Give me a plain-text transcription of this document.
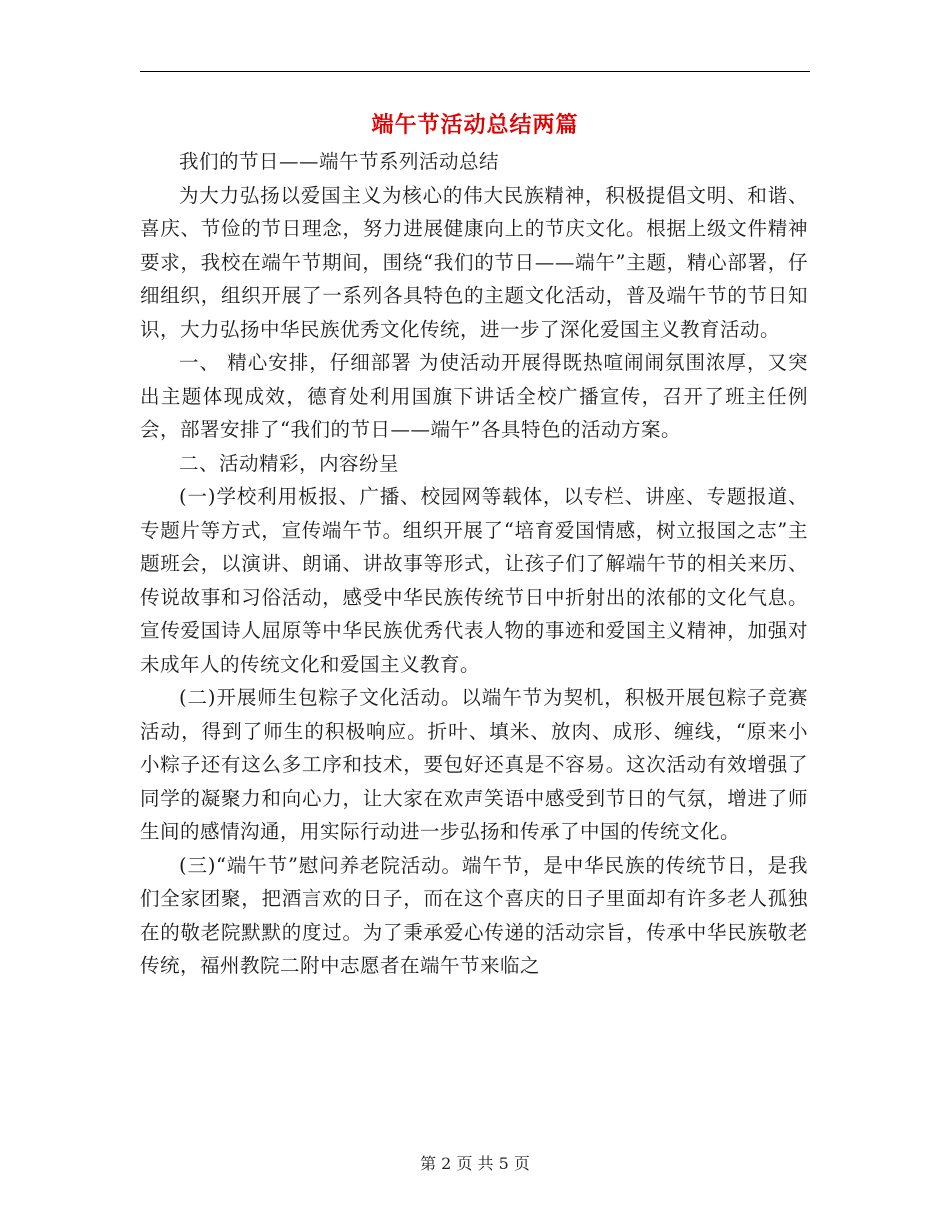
端午节活动总结两篇

我们的节日——端午节系列活动总结

为大力弘扬以爱国主义为核心的伟大民族精神，积极提倡文明、和谐、喜庆、节俭的节日理念，努力进展健康向上的节庆文化。根据上级文件精神要求，我校在端午节期间，围绕“我们的节日——端午”主题，精心部署，仔细组织，组织开展了一系列各具特色的主题文化活动，普及端午节的节日知识，大力弘扬中华民族优秀文化传统，进一步了深化爱国主义教育活动。

一、 精心安排，仔细部署 为使活动开展得既热喧闹闹氛围浓厚，又突出主题体现成效，德育处利用国旗下讲话全校广播宣传，召开了班主任例会，部署安排了“我们的节日——端午”各具特色的活动方案。

二、活动精彩，内容纷呈

(一)学校利用板报、广播、校园网等载体，以专栏、讲座、专题报道、专题片等方式，宣传端午节。组织开展了“培育爱国情感，树立报国之志”主题班会，以演讲、朗诵、讲故事等形式，让孩子们了解端午节的相关来历、传说故事和习俗活动，感受中华民族传统节日中折射出的浓郁的文化气息。宣传爱国诗人屈原等中华民族优秀代表人物的事迹和爱国主义精神，加强对未成年人的传统文化和爱国主义教育。

(二)开展师生包粽子文化活动。以端午节为契机，积极开展包粽子竞赛活动，得到了师生的积极响应。折叶、填米、放肉、成形、缠线，“原来小小粽子还有这么多工序和技术，要包好还真是不容易。这次活动有效增强了同学的凝聚力和向心力，让大家在欢声笑语中感受到节日的气氛，增进了师生间的感情沟通，用实际行动进一步弘扬和传承了中国的传统文化。

(三)“端午节”慰问养老院活动。端午节，是中华民族的传统节日，是我们全家团聚，把酒言欢的日子，而在这个喜庆的日子里面却有许多老人孤独在的敬老院默默的度过。为了秉承爱心传递的活动宗旨，传承中华民族敬老传统，福州教院二附中志愿者在端午节来临之

第 2 页 共 5 页
